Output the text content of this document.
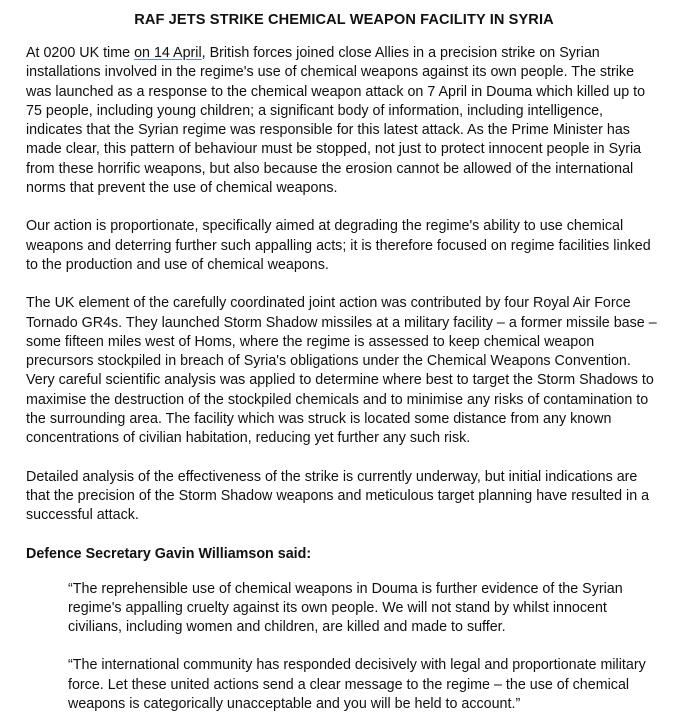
RAF JETS STRIKE CHEMICAL WEAPON FACILITY IN SYRIA
At 0200 UK time on 14 April, British forces joined close Allies in a precision strike on Syrian installations involved in the regime's use of chemical weapons against its own people. The strike was launched as a response to the chemical weapon attack on 7 April in Douma which killed up to 75 people, including young children; a significant body of information, including intelligence, indicates that the Syrian regime was responsible for this latest attack. As the Prime Minister has made clear, this pattern of behaviour must be stopped, not just to protect innocent people in Syria from these horrific weapons, but also because the erosion cannot be allowed of the international norms that prevent the use of chemical weapons.
Our action is proportionate, specifically aimed at degrading the regime's ability to use chemical weapons and deterring further such appalling acts; it is therefore focused on regime facilities linked to the production and use of chemical weapons.
The UK element of the carefully coordinated joint action was contributed by four Royal Air Force Tornado GR4s. They launched Storm Shadow missiles at a military facility – a former missile base – some fifteen miles west of Homs, where the regime is assessed to keep chemical weapon precursors stockpiled in breach of Syria's obligations under the Chemical Weapons Convention. Very careful scientific analysis was applied to determine where best to target the Storm Shadows to maximise the destruction of the stockpiled chemicals and to minimise any risks of contamination to the surrounding area. The facility which was struck is located some distance from any known concentrations of civilian habitation, reducing yet further any such risk.
Detailed analysis of the effectiveness of the strike is currently underway, but initial indications are that the precision of the Storm Shadow weapons and meticulous target planning have resulted in a successful attack.
Defence Secretary Gavin Williamson said:
“The reprehensible use of chemical weapons in Douma is further evidence of the Syrian regime's appalling cruelty against its own people. We will not stand by whilst innocent civilians, including women and children, are killed and made to suffer.
“The international community has responded decisively with legal and proportionate military force. Let these united actions send a clear message to the regime – the use of chemical weapons is categorically unacceptable and you will be held to account.”
